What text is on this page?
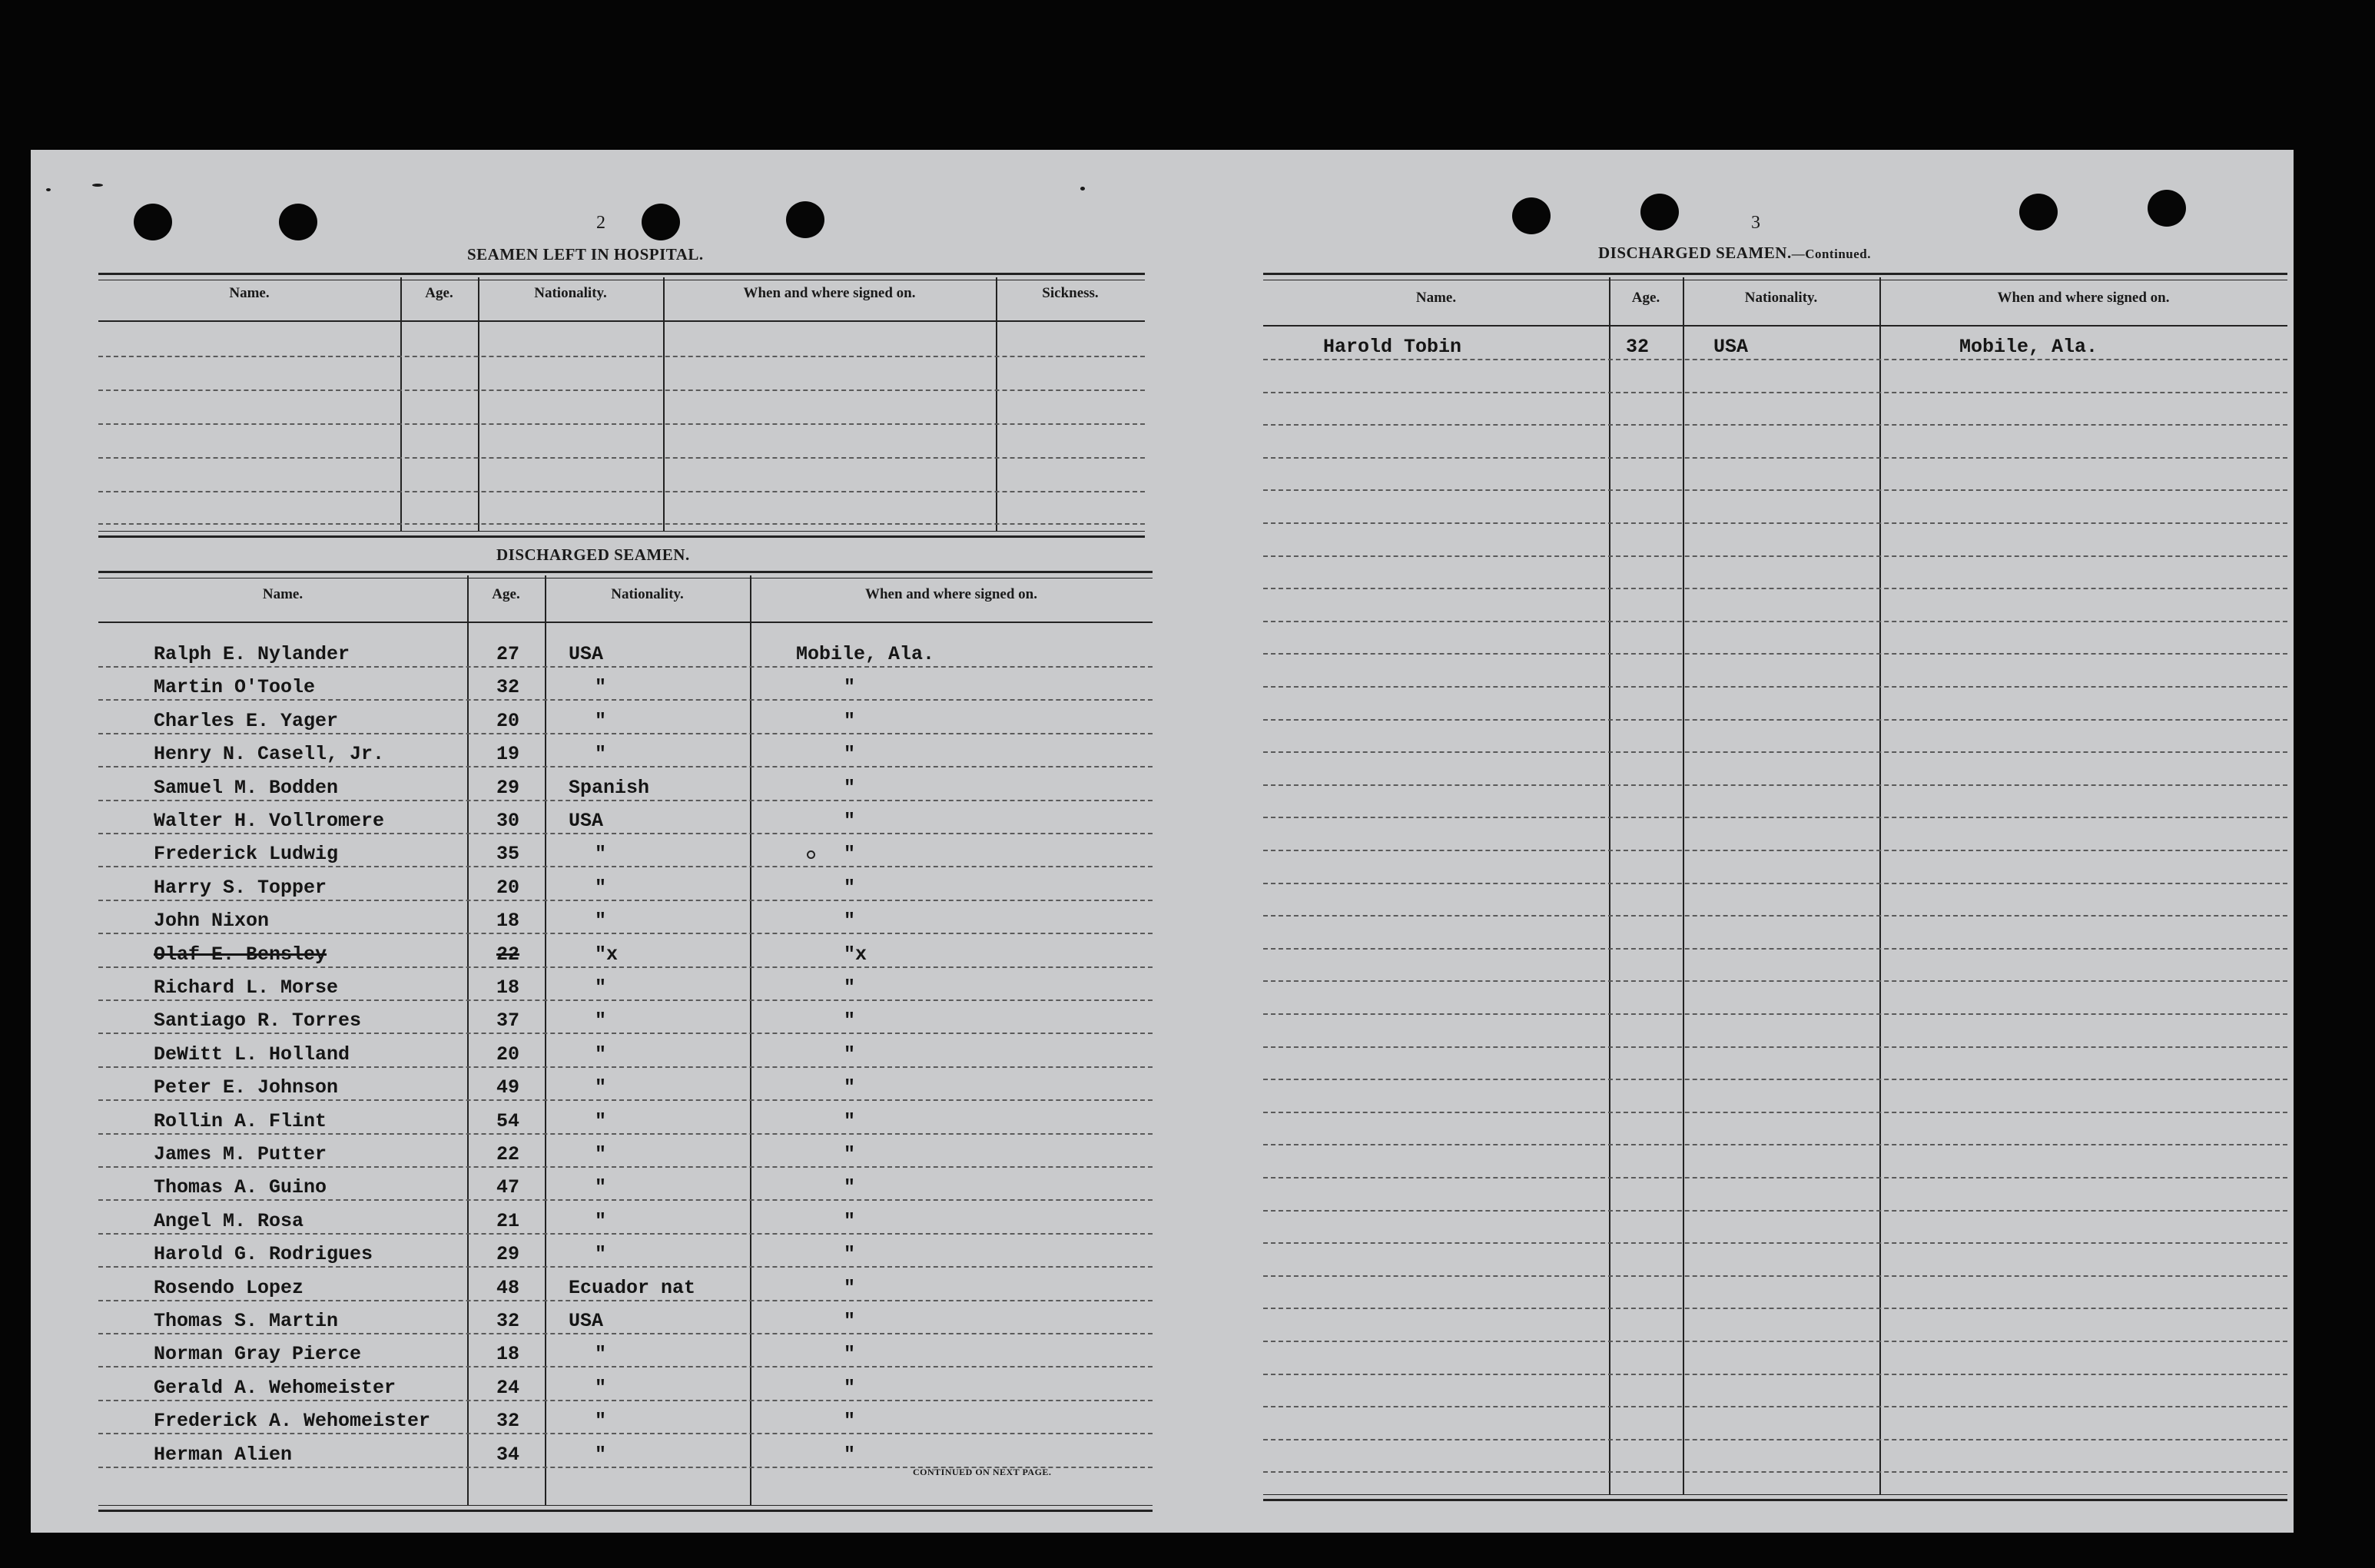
2
SEAMEN LEFT IN HOSPITAL.
Name.	Age.	Nationality.	When and where signed on.	Sickness.
DISCHARGED SEAMEN.
Name.	Age.	Nationality.	When and where signed on.
Ralph E. Nylander	27	USA	Mobile, Ala.
Martin O'Toole	32	"	"
Charles E. Yager	20	"	"
Henry N. Casell, Jr.	19	"	"
Samuel M. Bodden	29	Spanish	"
Walter H. Vollromere	30	USA	"
Frederick Ludwig	35	"	"
Harry S. Topper	20	"	"
John Nixon	18	"	"
Olaf E. Bensley	22	"x	"x
Richard L. Morse	18	"	"
Santiago R. Torres	37	"	"
DeWitt L. Holland	20	"	"
Peter E. Johnson	49	"	"
Rollin A. Flint	54	"	"
James M. Putter	22	"	"
Thomas A. Guino	47	"	"
Angel M. Rosa	21	"	"
Harold G. Rodrigues	29	"	"
Rosendo Lopez	48	Ecuador nat	"
Thomas S. Martin	32	USA	"
Norman Gray Pierce	18	"	"
Gerald A. Wehomeister	24	"	"
Frederick A. Wehomeister	32	"	"
Herman Alien	34	"	"
CONTINUED ON NEXT PAGE.
3
DISCHARGED SEAMEN.—Continued.
Name.	Age.	Nationality.	When and where signed on.
Harold Tobin	32	USA	Mobile, Ala.
